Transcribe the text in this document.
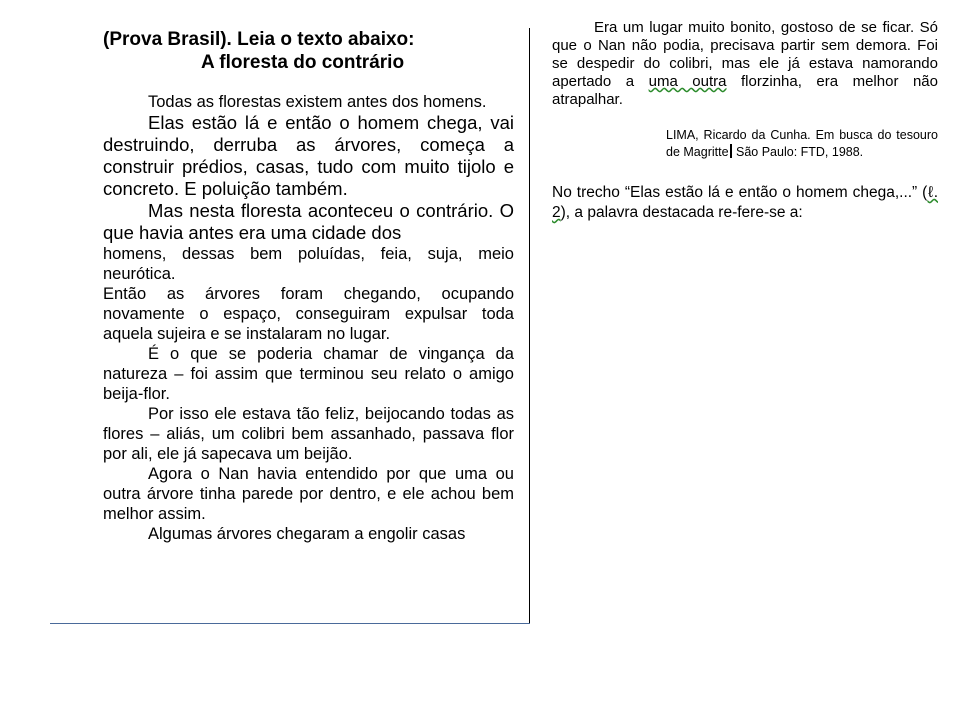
(Prova Brasil). Leia o texto abaixo:

A floresta do contrário

Todas as florestas existem antes dos homens.

Elas estão lá e então o homem chega, vai destruindo, derruba as árvores, começa a construir prédios, casas, tudo com muito tijolo e concreto. E poluição também.

Mas nesta floresta aconteceu o contrário. O que havia antes era uma cidade dos

homens, dessas bem poluídas, feia, suja, meio neurótica.

Então as árvores foram chegando, ocupando novamente o espaço, conseguiram expulsar toda aquela sujeira e se instalaram no lugar.

É o que se poderia chamar de vingança da natureza – foi assim que terminou seu relato o amigo beija-flor.

Por isso ele estava tão feliz, beijocando todas as flores – aliás, um colibri bem assanhado, passava flor por ali, ele já sapecava um beijão.

Agora o Nan havia entendido por que uma ou outra árvore tinha parede por dentro, e ele achou bem melhor assim.

Algumas árvores chegaram a engolir casas

Era um lugar muito bonito, gostoso de se ficar. Só que o Nan não podia, precisava partir sem demora. Foi se despedir do colibri, mas ele já estava namorando apertado a uma outra florzinha, era melhor não atrapalhar.

LIMA, Ricardo da Cunha. Em busca do tesouro de Magritte São Paulo: FTD, 1988.

No trecho “Elas estão lá e então o homem chega,...” (ℓ. 2), a palavra destacada re-fere-se a:
